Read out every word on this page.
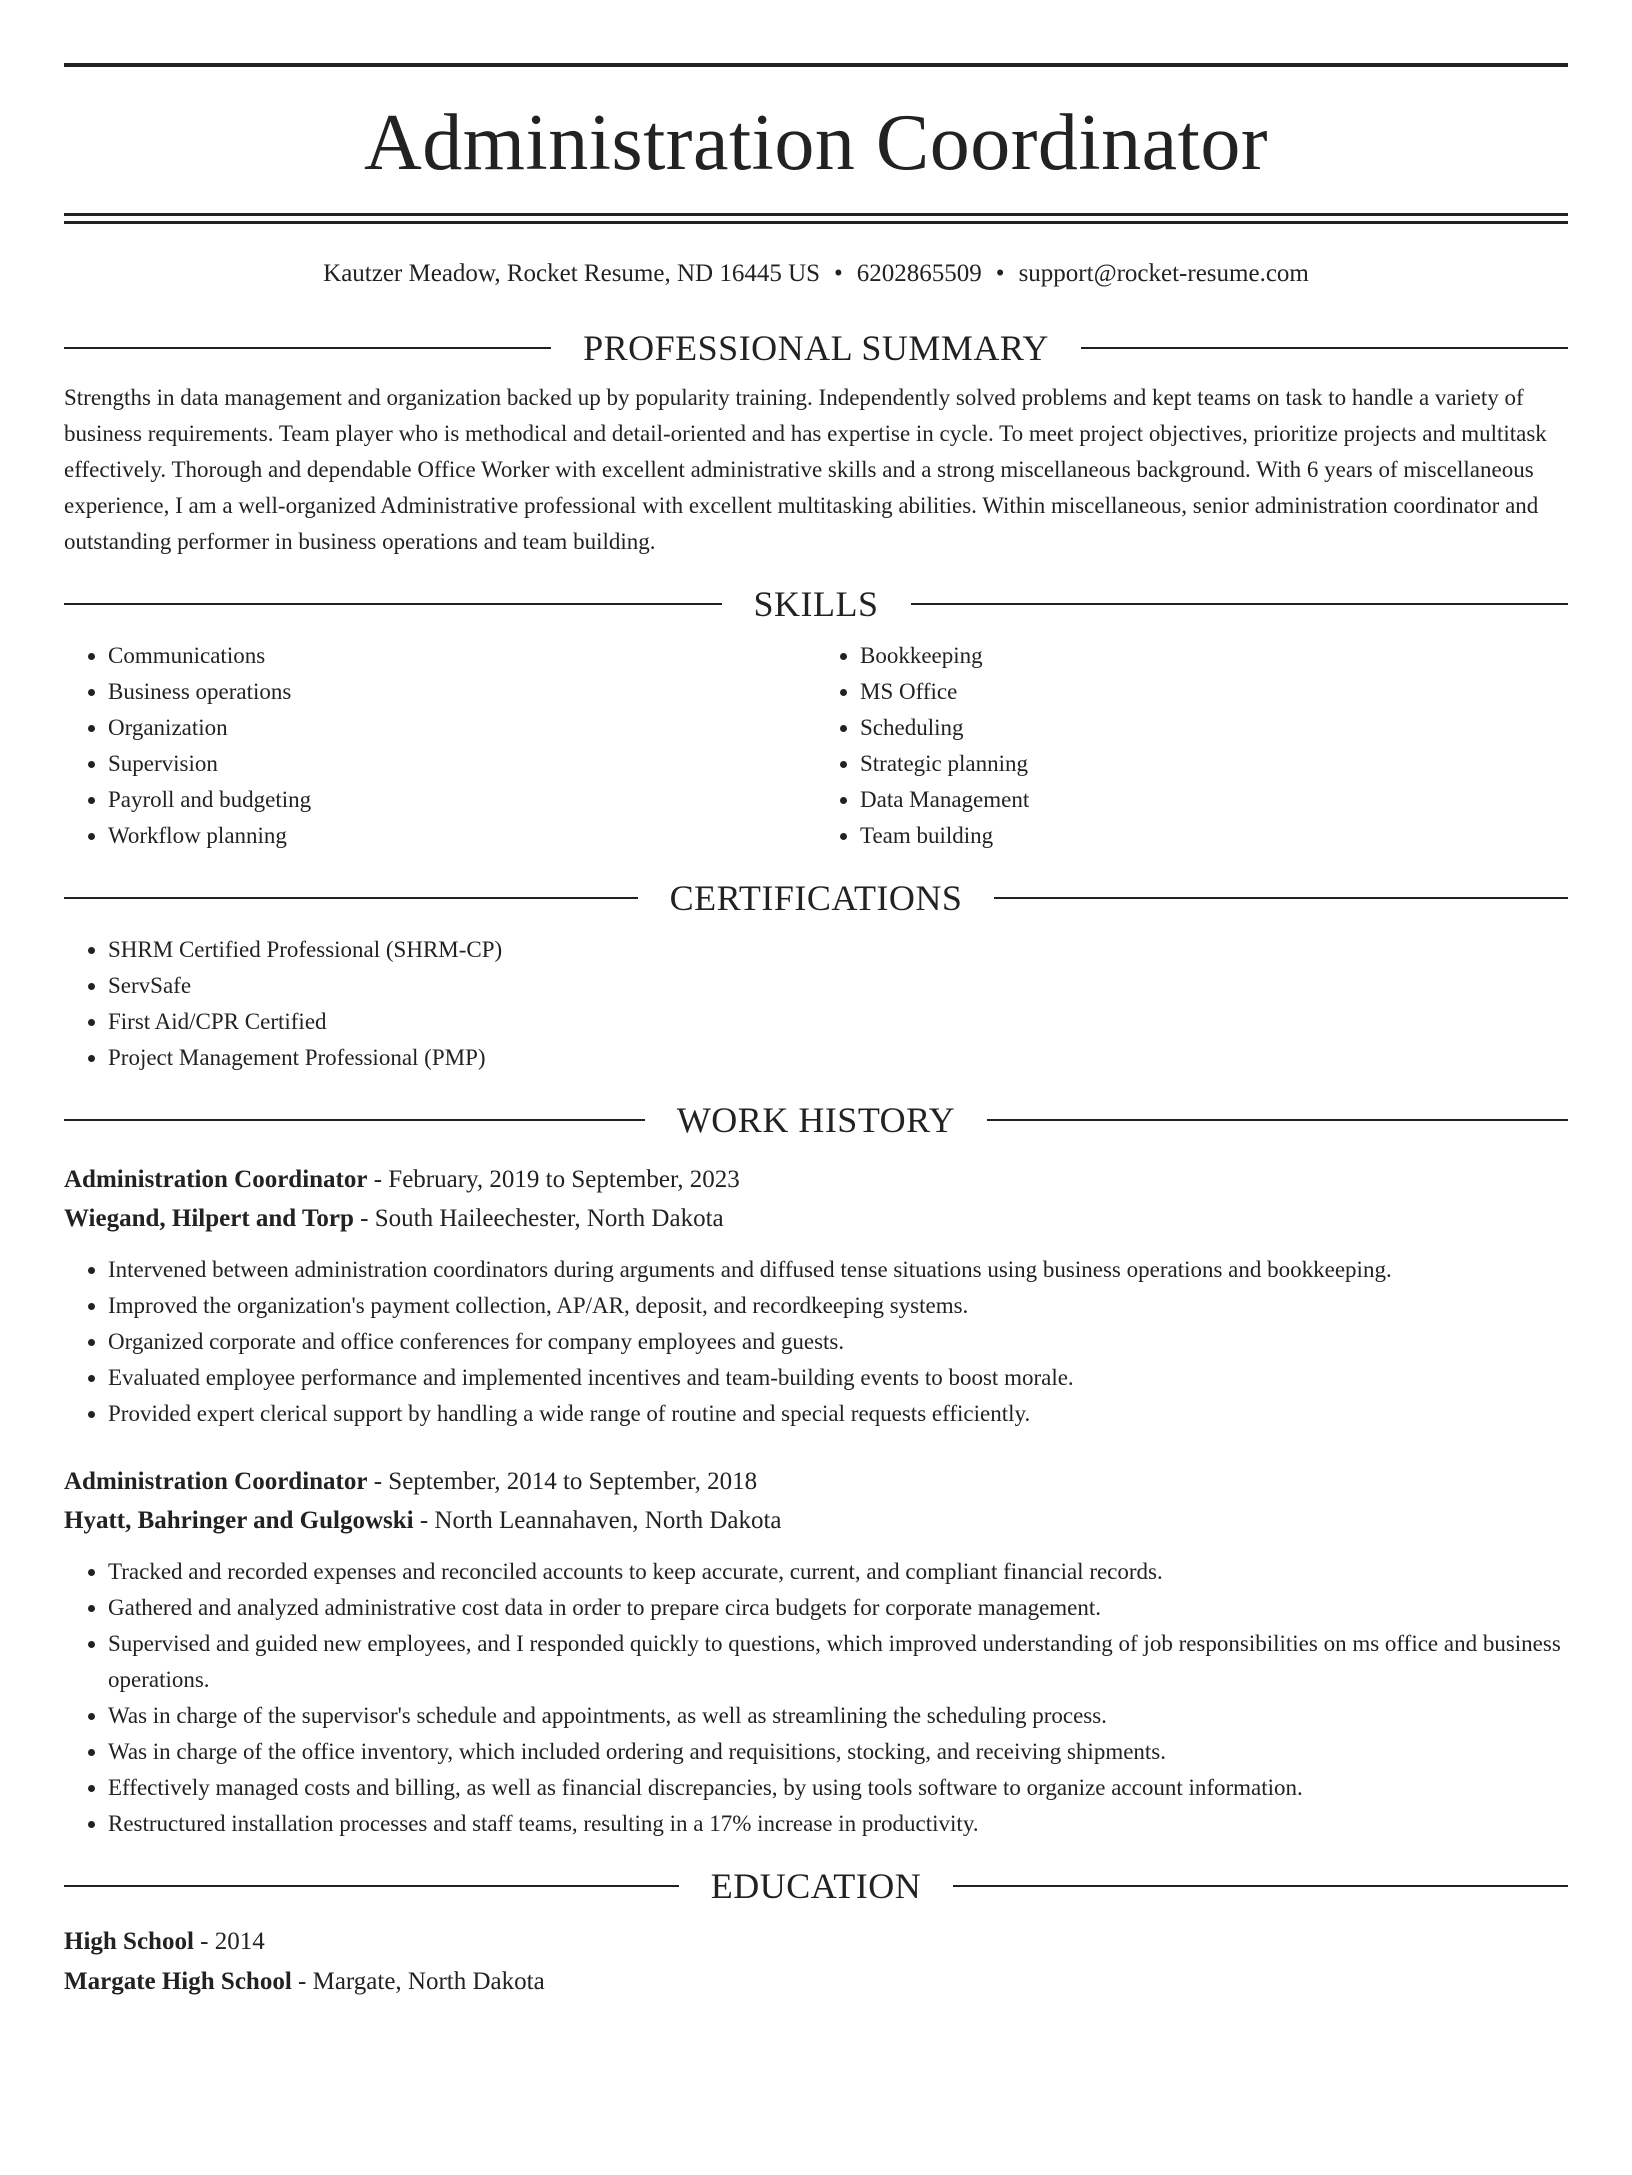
Administration Coordinator
Kautzer Meadow, Rocket Resume, ND 16445 US • 6202865509 • support@rocket-resume.com
PROFESSIONAL SUMMARY

Strengths in data management and organization backed up by popularity training. Independently solved problems and kept teams on task to handle a variety of business requirements. Team player who is methodical and detail-oriented and has expertise in cycle. To meet project objectives, prioritize projects and multitask effectively. Thorough and dependable Office Worker with excellent administrative skills and a strong miscellaneous background. With 6 years of miscellaneous experience, I am a well-organized Administrative professional with excellent multitasking abilities. Within miscellaneous, senior administration coordinator and outstanding performer in business operations and team building.

SKILLS
• Communications
• Business operations
• Organization
• Supervision
• Payroll and budgeting
• Workflow planning
• Bookkeeping
• MS Office
• Scheduling
• Strategic planning
• Data Management
• Team building
CERTIFICATIONS
• SHRM Certified Professional (SHRM-CP)
• ServSafe
• First Aid/CPR Certified
• Project Management Professional (PMP)
WORK HISTORY
Administration Coordinator - February, 2019 to September, 2023
Wiegand, Hilpert and Torp - South Haileechester, North Dakota
• Intervened between administration coordinators during arguments and diffused tense situations using business operations and bookkeeping.
• Improved the organization's payment collection, AP/AR, deposit, and recordkeeping systems.
• Organized corporate and office conferences for company employees and guests.
• Evaluated employee performance and implemented incentives and team-building events to boost morale.
• Provided expert clerical support by handling a wide range of routine and special requests efficiently.
Administration Coordinator - September, 2014 to September, 2018
Hyatt, Bahringer and Gulgowski - North Leannahaven, North Dakota
• Tracked and recorded expenses and reconciled accounts to keep accurate, current, and compliant financial records.
• Gathered and analyzed administrative cost data in order to prepare circa budgets for corporate management.
• Supervised and guided new employees, and I responded quickly to questions, which improved understanding of job responsibilities on ms office and business operations.
• Was in charge of the supervisor's schedule and appointments, as well as streamlining the scheduling process.
• Was in charge of the office inventory, which included ordering and requisitions, stocking, and receiving shipments.
• Effectively managed costs and billing, as well as financial discrepancies, by using tools software to organize account information.
• Restructured installation processes and staff teams, resulting in a 17% increase in productivity.
EDUCATION
High School - 2014
Margate High School - Margate, North Dakota
